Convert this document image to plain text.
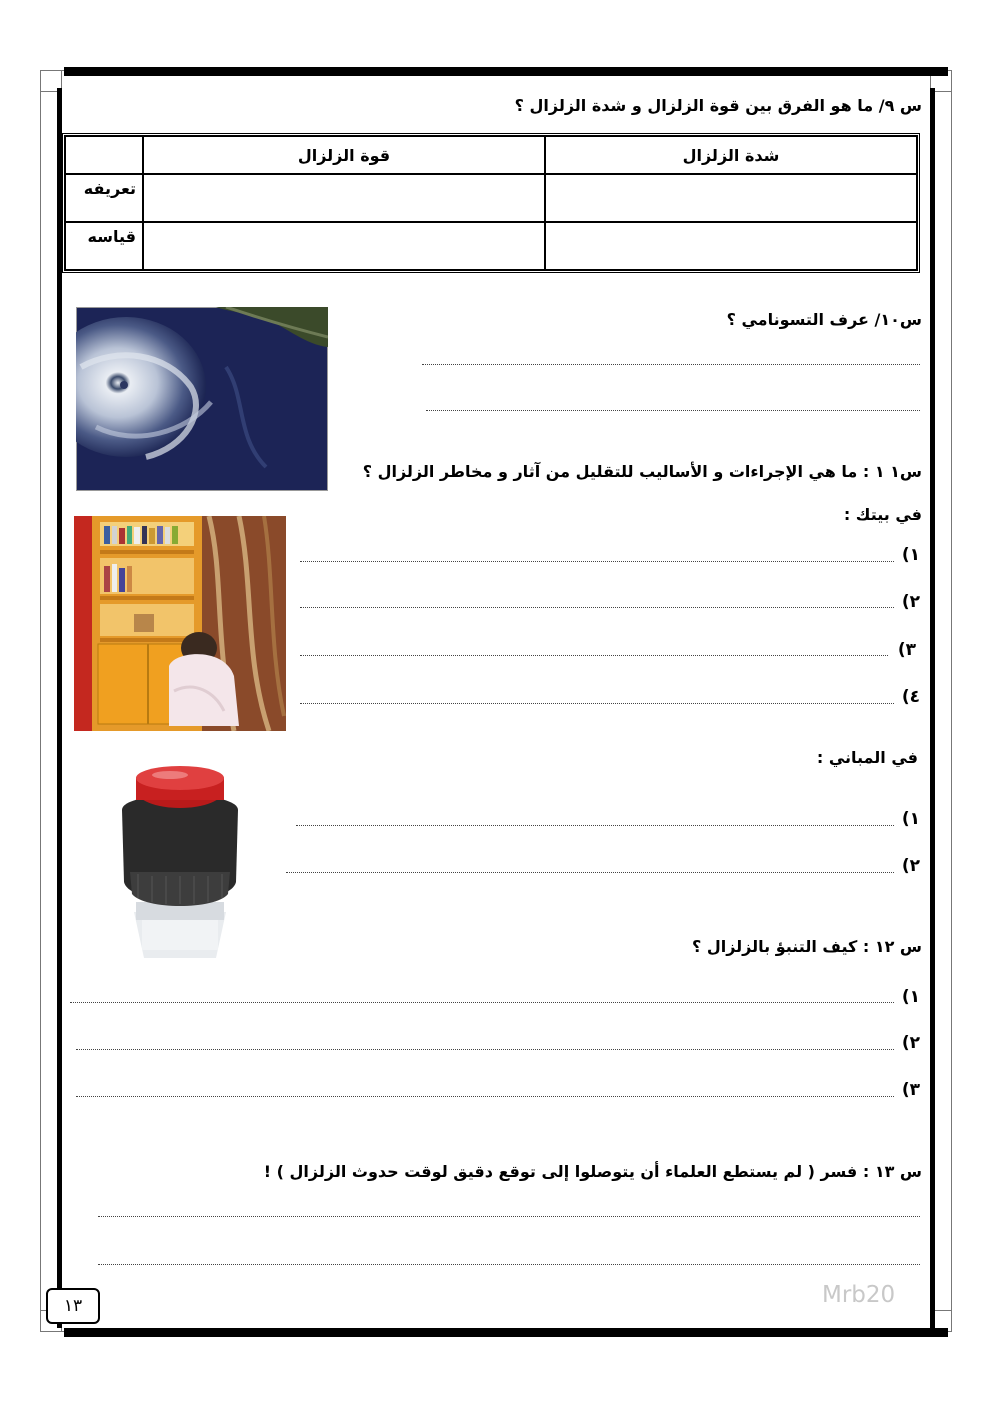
س ٩/ ما هو الفرق بين قوة الزلزال و شدة الزلزال ؟
	قوة الزلزال	شدة الزلزال
تعريفه		
قياسه		
س١٠/ عرف التسونامي ؟
س١ ١ : ما هي الإجراءات و الأساليب للتقليل من آثار و مخاطر الزلزال ؟
في بيتك :
١)
٢)
٣)
٤)
في المباني :
١)
٢)
س ١٢ : كيف التنبؤ بالزلزال ؟
١)
٢)
٣)
س ١٣ : فسر ( لم يستطع العلماء أن يتوصلوا إلى توقع دقيق لوقت حدوث الزلزال ) !
Mrb20
١٣
